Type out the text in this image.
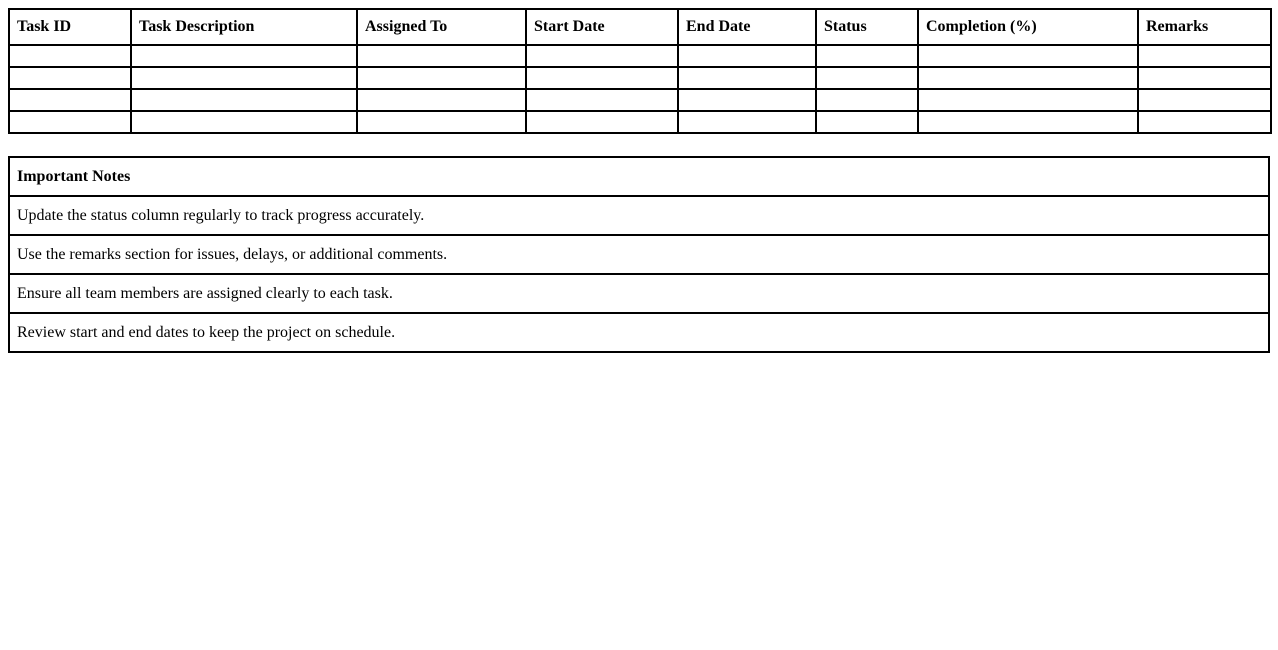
Task ID	Task Description	Assigned To	Start Date	End Date	Status	Completion (%)	Remarks

Important Notes
Update the status column regularly to track progress accurately.
Use the remarks section for issues, delays, or additional comments.
Ensure all team members are assigned clearly to each task.
Review start and end dates to keep the project on schedule.
